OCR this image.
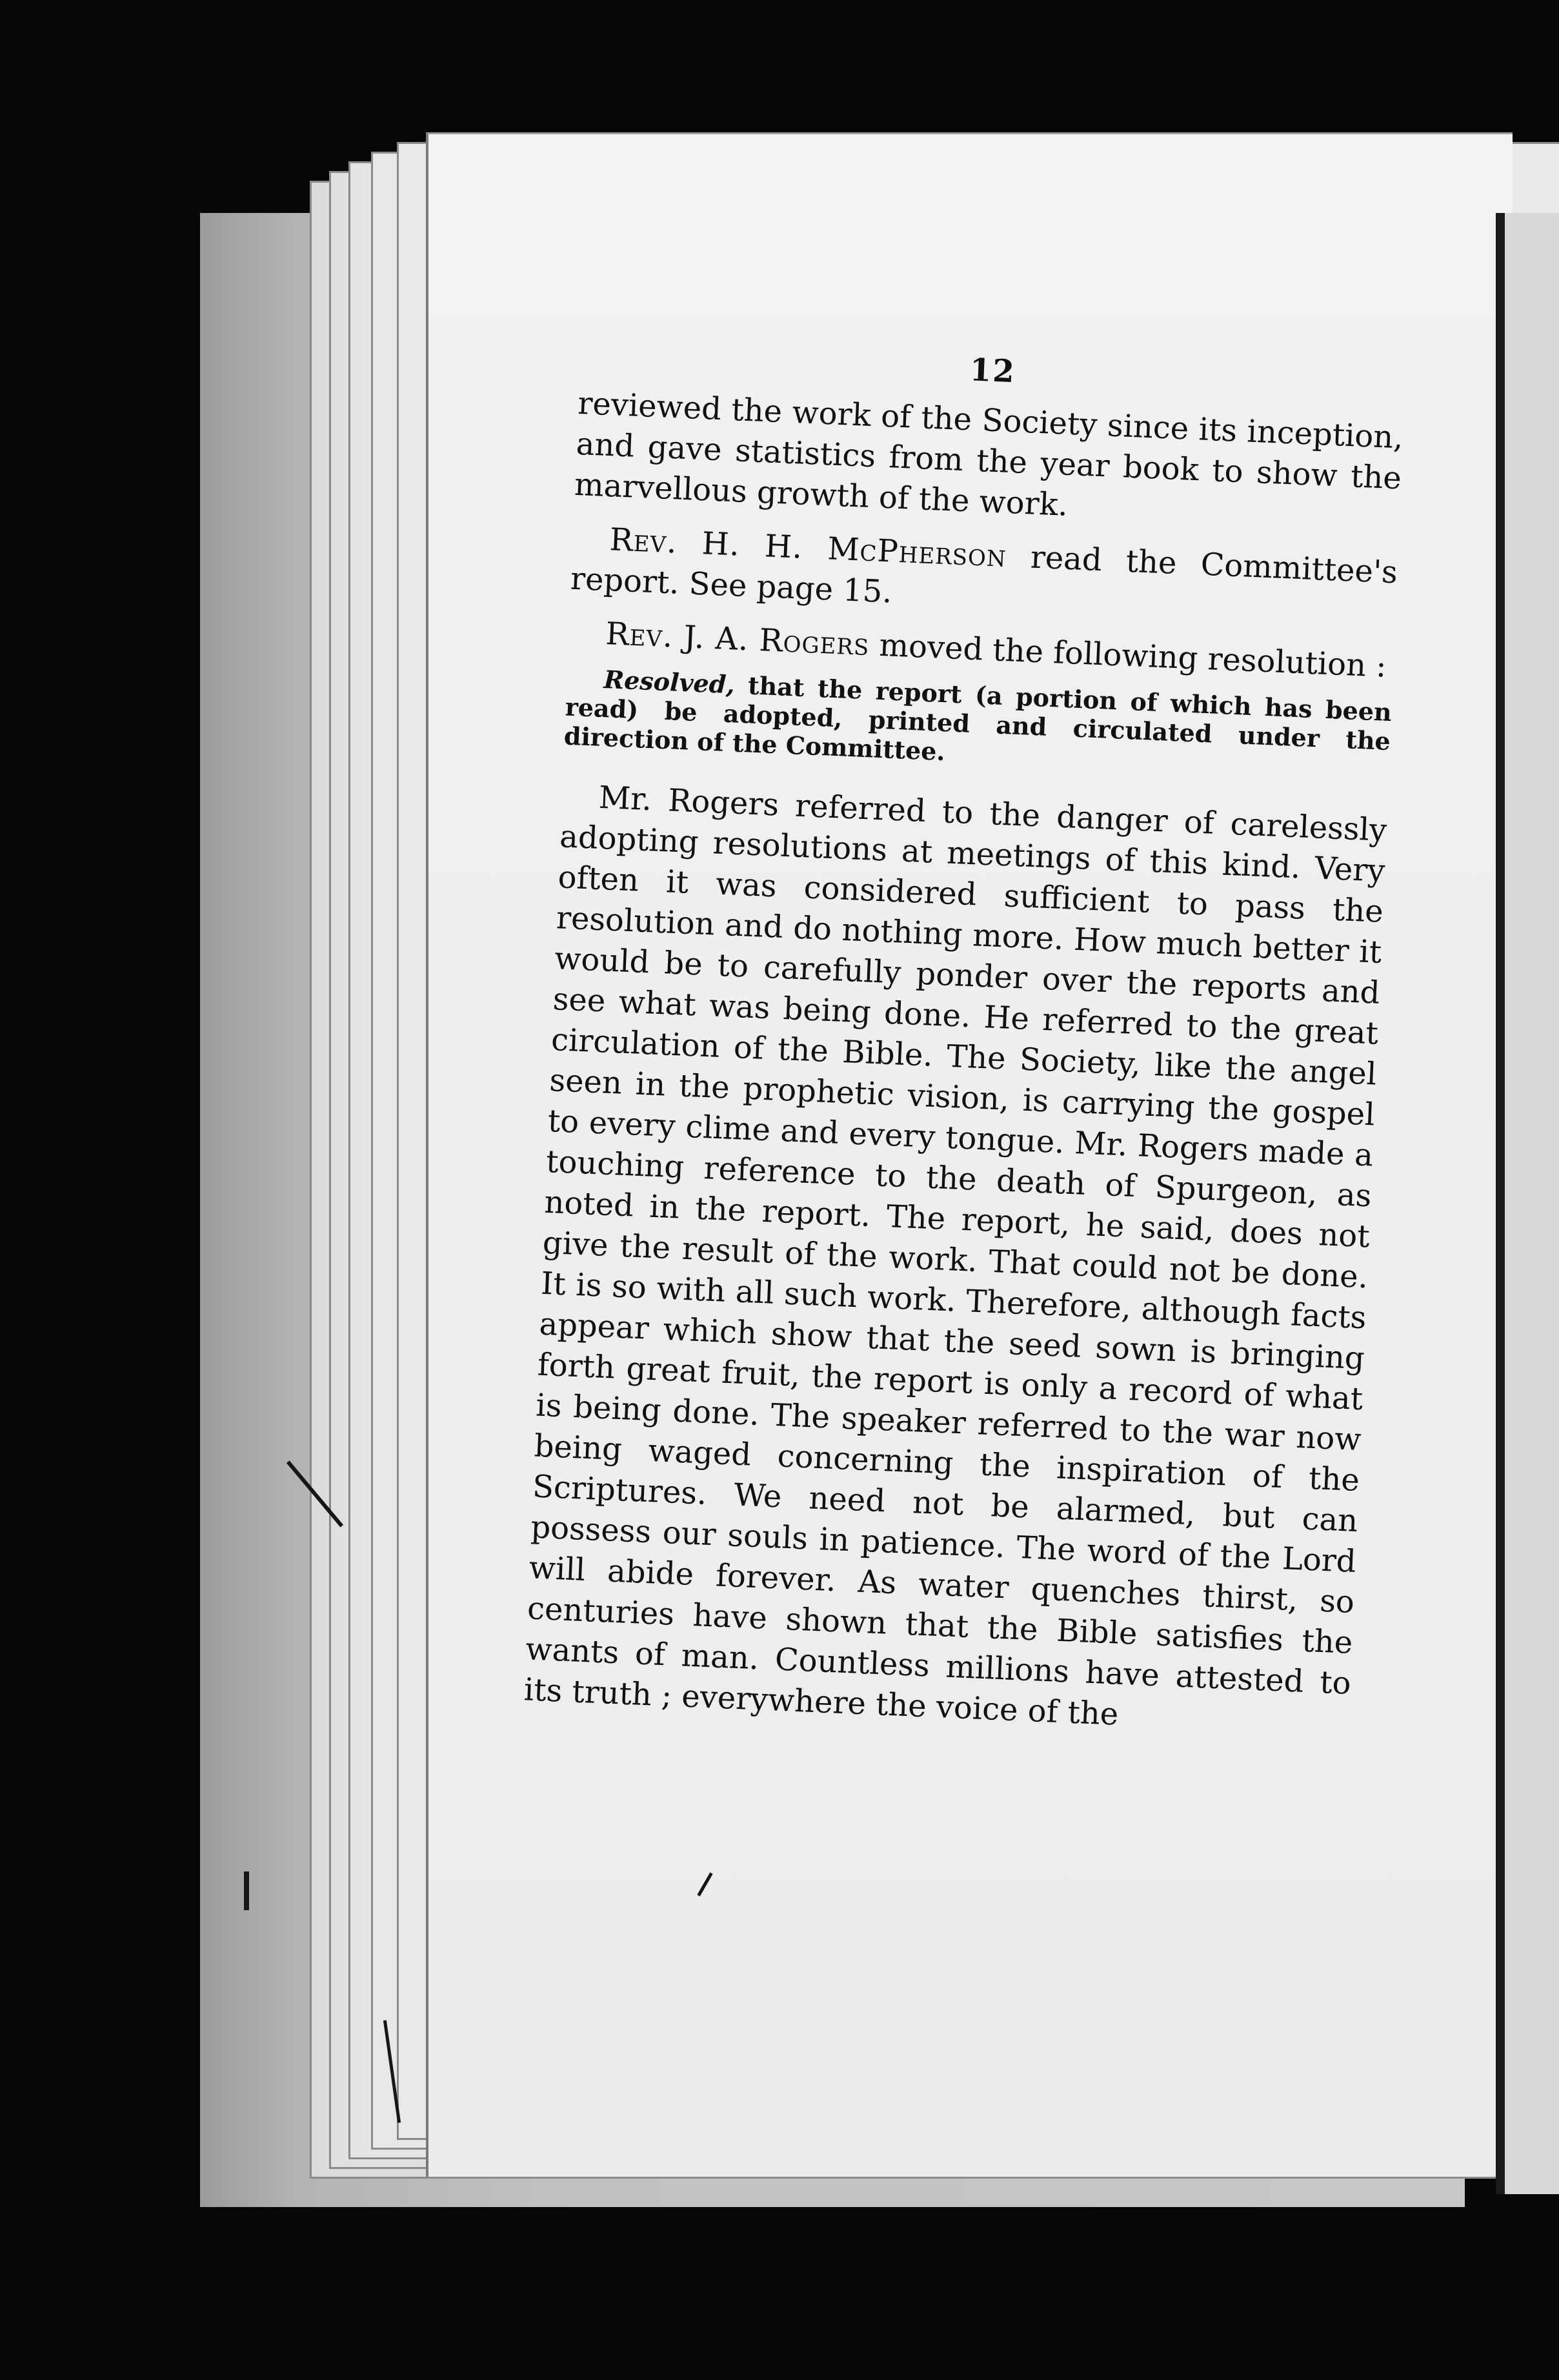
12

reviewed the work of the Society since its inception, and gave statistics from the year book to show the marvellous growth of the work.

Rev. H. H. McPherson read the Committee's report. See page 15.

Rev. J. A. Rogers moved the following resolution :

Resolved, that the report (a portion of which has been read) be adopted, printed and circulated under the direction of the Committee.

Mr. Rogers referred to the danger of carelessly adopting resolutions at meetings of this kind. Very often it was considered sufficient to pass the resolution and do nothing more. How much better it would be to carefully ponder over the reports and see what was being done. He referred to the great circulation of the Bible. The Society, like the angel seen in the prophetic vision, is carrying the gospel to every clime and every tongue. Mr. Rogers made a touching reference to the death of Spurgeon, as noted in the report. The report, he said, does not give the result of the work. That could not be done. It is so with all such work. Therefore, although facts appear which show that the seed sown is bringing forth great fruit, the report is only a record of what is being done. The speaker referred to the war now being waged concerning the inspiration of the Scriptures. We need not be alarmed, but can possess our souls in patience. The word of the Lord will abide forever. As water quenches thirst, so centuries have shown that the Bible satisfies the wants of man. Countless millions have attested to its truth ; everywhere the voice of the
